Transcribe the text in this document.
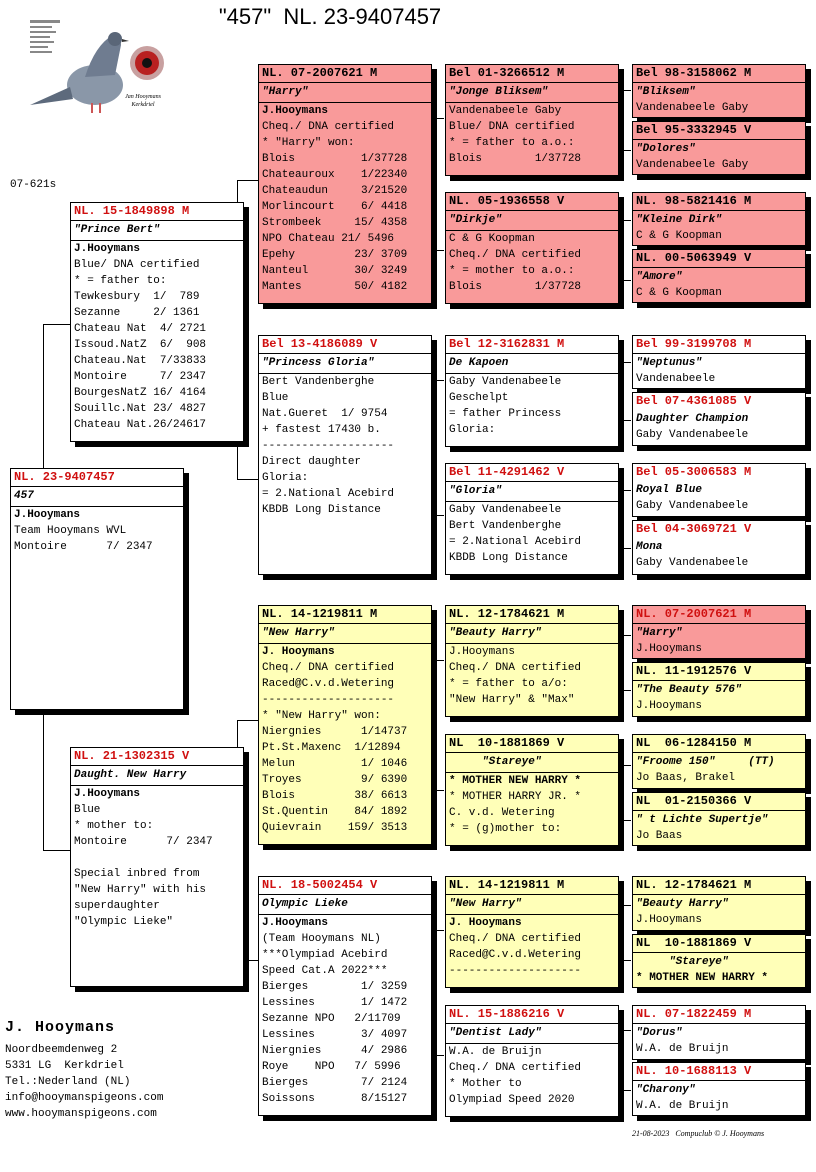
"457"  NL. 23-9407457
Jan Hooymans
Kerkdriel
07-621s
NL. 23-9407457
457
J.Hooymans
Team Hooymans WVL
Montoire      7/ 2347
NL. 15-1849898 M
"Prince Bert"
J.Hooymans
Blue/ DNA certified
* = father to:
Tewkesbury  1/  789
Sezanne     2/ 1361
Chateau Nat  4/ 2721
Issoud.NatZ  6/  908
Chateau.Nat  7/33833
Montoire     7/ 2347
BourgesNatZ 16/ 4164
Souillc.Nat 23/ 4827
Chateau Nat.26/24617
NL. 21-1302315 V
Daught. New Harry
J.Hooymans
Blue
* mother to:
Montoire      7/ 2347
Special inbred from
"New Harry" with his
superdaughter
"Olympic Lieke"
NL. 07-2007621 M
"Harry"
J.Hooymans
Cheq./ DNA certified
* "Harry" won:
Blois          1/37728
Chateauroux    1/22340
Chateaudun     3/21520
Morlincourt    6/ 4418
Strombeek     15/ 4358
NPO Chateau 21/ 5496
Epehy         23/ 3709
Nanteul       30/ 3249
Mantes        50/ 4182
Bel 13-4186089 V
"Princess Gloria"
Bert Vandenberghe
Blue
Nat.Gueret  1/ 9754
+ fastest 17430 b.
--------------------
Direct daughter
Gloria:
= 2.National Acebird
KBDB Long Distance
NL. 14-1219811 M
"New Harry"
J. Hooymans
Cheq./ DNA certified
Raced@C.v.d.Wetering
--------------------
* "New Harry" won:
Niergnies      1/14737
Pt.St.Maxenc  1/12894
Melun          1/ 1046
Troyes         9/ 6390
Blois         38/ 6613
St.Quentin    84/ 1892
Quievrain    159/ 3513
NL. 18-5002454 V
Olympic Lieke
J.Hooymans
(Team Hooymans NL)
***Olympiad Acebird
Speed Cat.A 2022***
Bierges        1/ 3259
Lessines       1/ 1472
Sezanne NPO   2/11709
Lessines       3/ 4097
Niergnies      4/ 2986
Roye    NPO   7/ 5996
Bierges        7/ 2124
Soissons       8/15127
Bel 01-3266512 M
"Jonge Bliksem"
Vandenabeele Gaby
Blue/ DNA certified
* = father to a.o.:
Blois        1/37728
NL. 05-1936558 V
"Dirkje"
C & G Koopman
Cheq./ DNA certified
* = mother to a.o.:
Blois        1/37728
Bel 12-3162831 M
De Kapoen
Gaby Vandenabeele
Geschelpt
= father Princess
Gloria:
Bel 11-4291462 V
"Gloria"
Gaby Vandenabeele
Bert Vandenberghe
= 2.National Acebird
KBDB Long Distance
NL. 12-1784621 M
"Beauty Harry"
J.Hooymans
Cheq./ DNA certified
* = father to a/o:
"New Harry" & "Max"
NL  10-1881869 V
"Stareye"
* MOTHER NEW HARRY *
* MOTHER HARRY JR. *
C. v.d. Wetering
* = (g)mother to:
NL. 14-1219811 M
"New Harry"
J. Hooymans
Cheq./ DNA certified
Raced@C.v.d.Wetering
--------------------
NL. 15-1886216 V
"Dentist Lady"
W.A. de Bruijn
Cheq./ DNA certified
* Mother to
Olympiad Speed 2020
Bel 98-3158062 M
"Bliksem"
Vandenabeele Gaby
Bel 95-3332945 V
"Dolores"
Vandenabeele Gaby
NL. 98-5821416 M
"Kleine Dirk"
C & G Koopman
NL. 00-5063949 V
"Amore"
C & G Koopman
Bel 99-3199708 M
"Neptunus"
Vandenabeele
Bel 07-4361085 V
Daughter Champion
Gaby Vandenabeele
Bel 05-3006583 M
Royal Blue
Gaby Vandenabeele
Bel 04-3069721 V
Mona
Gaby Vandenabeele
NL. 07-2007621 M
"Harry"
J.Hooymans
NL. 11-1912576 V
"The Beauty 576"
J.Hooymans
NL  06-1284150 M
"Froome 150"     (TT)
Jo Baas, Brakel
NL  01-2150366 V
" t Lichte Supertje"
Jo Baas
NL. 12-1784621 M
"Beauty Harry"
J.Hooymans
NL  10-1881869 V
"Stareye"
* MOTHER NEW HARRY *
NL. 07-1822459 M
"Dorus"
W.A. de Bruijn
NL. 10-1688113 V
"Charony"
W.A. de Bruijn
J. Hooymans
Noordbeemdenweg 2
5331 LG  Kerkdriel
Tel.:Nederland (NL)
info@hooymanspigeons.com
www.hooymanspigeons.com
21-08-2023   Compuclub © J. Hooymans
